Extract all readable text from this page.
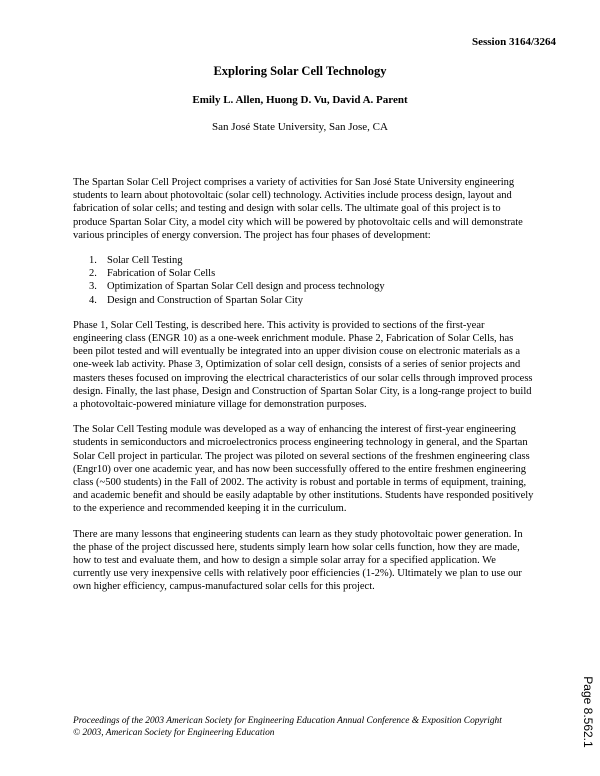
Session 3164/3264
Exploring Solar Cell Technology
Emily L. Allen, Huong D. Vu, David A. Parent
San José State University, San Jose, CA

The Spartan Solar Cell Project comprises a variety of activities for San José State University engineering students to learn about photovoltaic (solar cell) technology. Activities include process design, layout and fabrication of solar cells; and testing and design with solar cells. The ultimate goal of this project is to produce Spartan Solar City, a model city which will be powered by photovoltaic cells and will demonstrate various principles of energy conversion. The project has four phases of development:

1. Solar Cell Testing
2. Fabrication of Solar Cells
3. Optimization of Spartan Solar Cell design and process technology
4. Design and Construction of Spartan Solar City

Phase 1, Solar Cell Testing, is described here. This activity is provided to sections of the first-year engineering class (ENGR 10) as a one-week enrichment module. Phase 2, Fabrication of Solar Cells, has been pilot tested and will eventually be integrated into an upper division couse on electronic materials as a one-week lab activity. Phase 3, Optimization of solar cell design, consists of a series of senior projects and masters theses focused on improving the electrical characteristics of our solar cells through improved process design. Finally, the last phase, Design and Construction of Spartan Solar City, is a long-range project to build a photovoltaic-powered miniature village for demonstration purposes.

The Solar Cell Testing module was developed as a way of enhancing the interest of first-year engineering students in semiconductors and microelectronics process engineering technology in general, and the Spartan Solar Cell project in particular. The project was piloted on several sections of the freshmen engineering class (Engr10) over one academic year, and has now been successfully offered to the entire freshmen engineering class (~500 students) in the Fall of 2002. The activity is robust and portable in terms of equipment, training, and academic benefit and should be easily adaptable by other institutions. Students have responded positively to the experience and recommended keeping it in the curriculum.

There are many lessons that engineering students can learn as they study photovoltaic power generation. In the phase of the project discussed here, students simply learn how solar cells function, how they are made, how to test and evaluate them, and how to design a simple solar array for a specified application. We currently use very inexpensive cells with relatively poor efficiencies (1-2%). Ultimately we plan to use our own higher efficiency, campus-manufactured solar cells for this project.

Proceedings of the 2003 American Society for Engineering Education Annual Conference & Exposition Copyright
© 2003, American Society for Engineering Education	Page 8.562.1
